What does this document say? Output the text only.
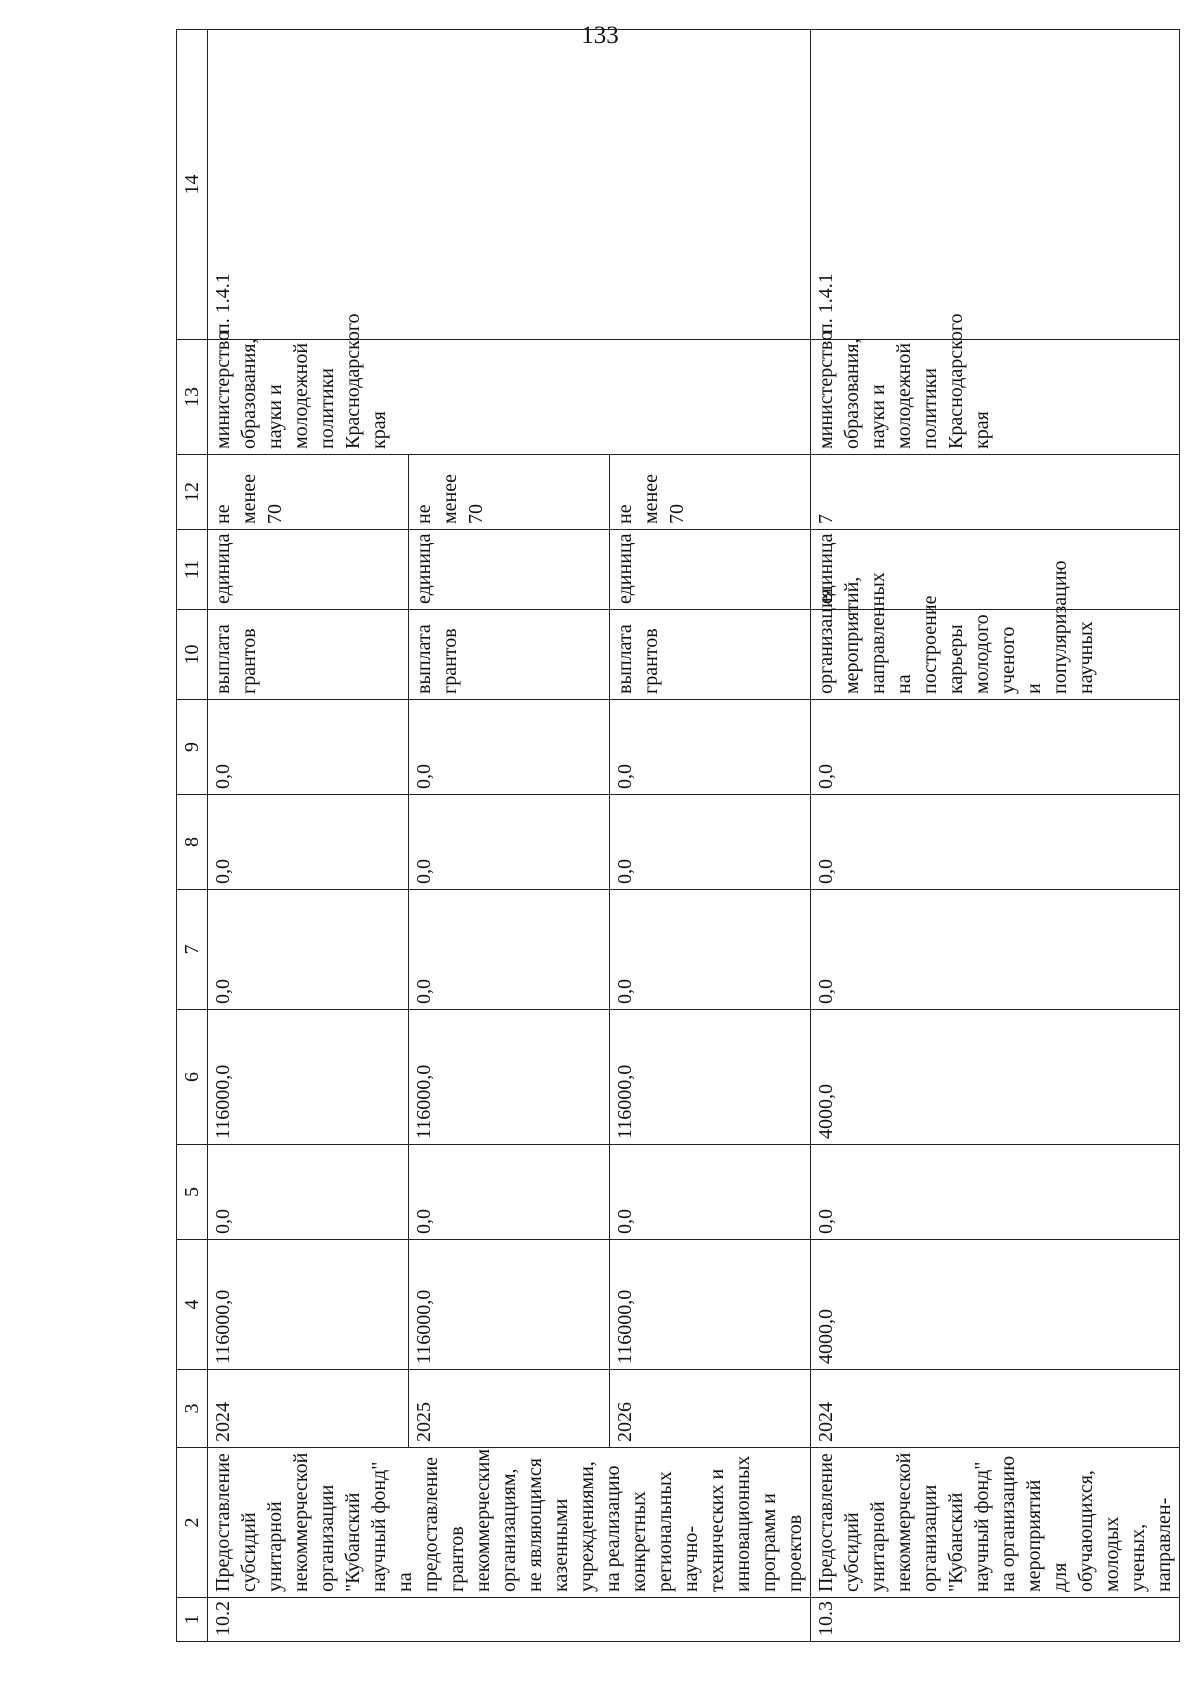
133
1	2	3	4	5	6	7	8	9	10	11	12	13	14
10.2	Предоставление субсидий унитарной некоммерческой организации "Кубанский научный фонд" на предоставление грантов некоммерческим организациям, не являющимся казенными учреждениями, на реализацию конкретных региональных научно-технических и инновационных программ и проектов	2024	116000,0	0,0	116000,0	0,0	0,0	0,0	выплата грантов	единица	не менее 70	министерство образования, науки и молодежной политики Краснодарского края	п. 1.4.1
		2025	116000,0	0,0	116000,0	0,0	0,0	0,0	выплата грантов	единица	не менее 70		
		2026	116000,0	0,0	116000,0	0,0	0,0	0,0	выплата грантов	единица	не менее 70		
10.3	Предоставление субсидий унитарной некоммерческой организации "Кубанский научный фонд" на организацию мероприятий для обучающихся, молодых ученых, направлен-	2024	4000,0	0,0	4000,0	0,0	0,0	0,0	организация мероприятий, направленных на построение карьеры молодого ученого и популяризацию научных	единица	7	министерство образования, науки и молодежной политики Краснодарского края	п. 1.4.1
